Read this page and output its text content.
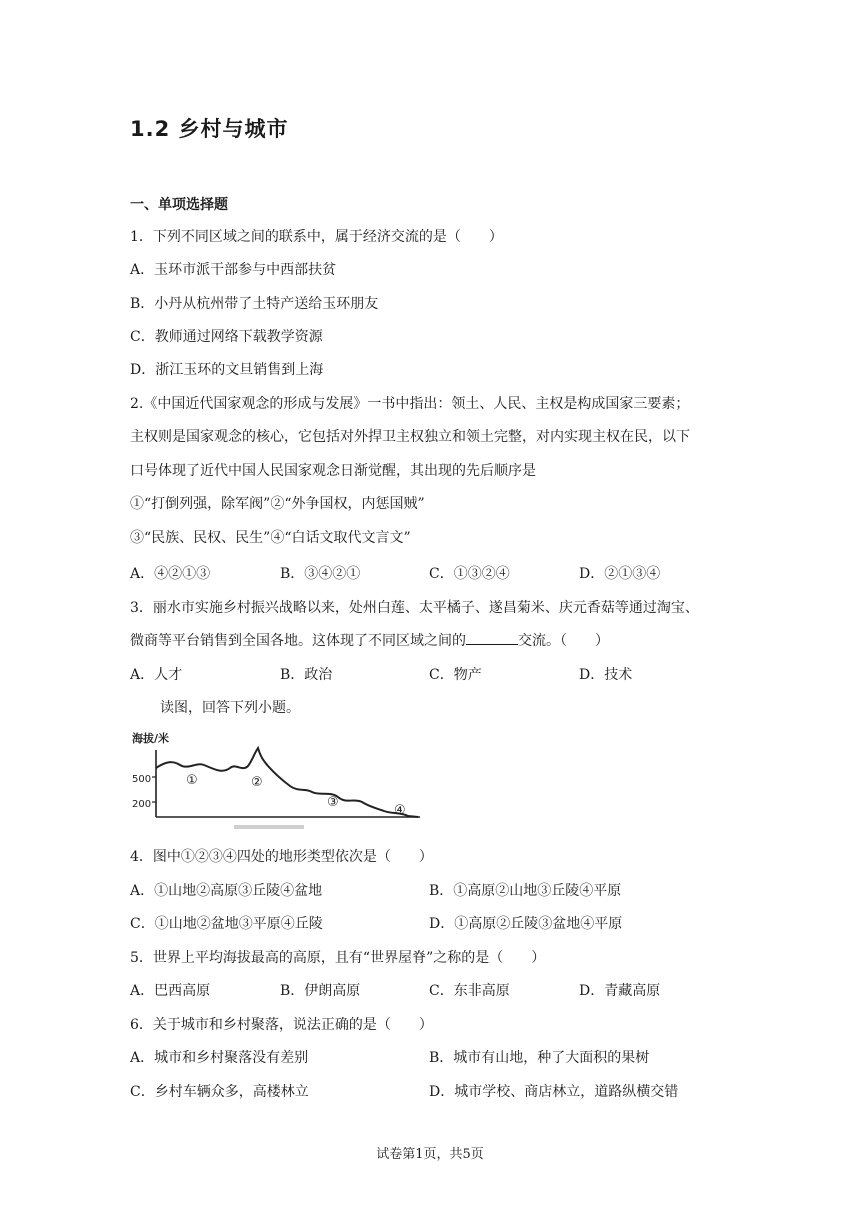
1.2 乡村与城市
一、单项选择题
1．下列不同区域之间的联系中，属于经济交流的是（　　）
A．玉环市派干部参与中西部扶贫
B．小丹从杭州带了土特产送给玉环朋友
C．教师通过网络下载教学资源
D．浙江玉环的文旦销售到上海
2.《中国近代国家观念的形成与发展》一书中指出：领土、人民、主权是构成国家三要素；
主权则是国家观念的核心，它包括对外捍卫主权独立和领土完整，对内实现主权在民，以下
口号体现了近代中国人民国家观念日渐觉醒，其出现的先后顺序是
①“打倒列强，除军阀”②“外争国权，内惩国贼”
③“民族、民权、民生”④“白话文取代文言文”
A．④②①③	B．③④②①	C．①③②④	D．②①③④
3．丽水市实施乡村振兴战略以来，处州白莲、太平橘子、遂昌菊米、庆元香菇等通过淘宝、
微商等平台销售到全国各地。这体现了不同区域之间的	交流。（　　）
A．人才	B．政治	C．物产	D．技术
读图，回答下列小题。
海拔/米
500
200
①	②
③
④
4．图中①②③④四处的地形类型依次是（　　）
A．①山地②高原③丘陵④盆地	B．①高原②山地③丘陵④平原
C．①山地②盆地③平原④丘陵	D．①高原②丘陵③盆地④平原
5．世界上平均海拔最高的高原，且有“世界屋脊”之称的是（　　）
A．巴西高原	B．伊朗高原	C．东非高原	D．青藏高原
6．关于城市和乡村聚落，说法正确的是（　　）
A．城市和乡村聚落没有差别	B．城市有山地，种了大面积的果树
C．乡村车辆众多，高楼林立	D．城市学校、商店林立，道路纵横交错
试卷第1页，共5页
